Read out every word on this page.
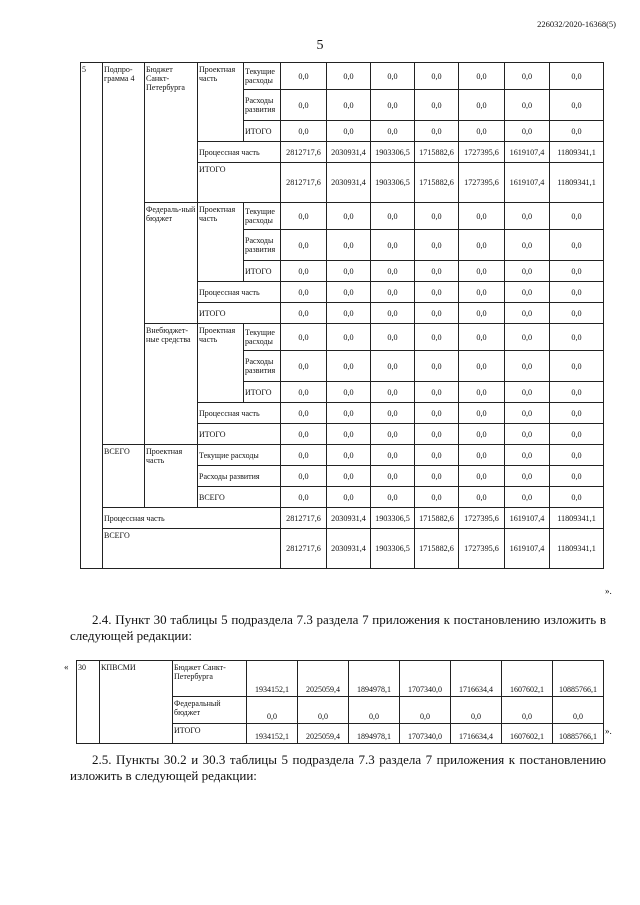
226032/2020-16368(5)
5
5	Подпро-грамма 4	Бюджет Санкт-Петербурга	Проектная часть	Текущие расходы	0,0	0,0	0,0	0,0	0,0	0,0	0,0
				Расходы развития	0,0	0,0	0,0	0,0	0,0	0,0	0,0
				ИТОГО	0,0	0,0	0,0	0,0	0,0	0,0	0,0
			Процессная часть		2812717,6	2030931,4	1903306,5	1715882,6	1727395,6	1619107,4	11809341,1
			ИТОГО		2812717,6	2030931,4	1903306,5	1715882,6	1727395,6	1619107,4	11809341,1
		Федераль-ный бюджет	Проектная часть	Текущие расходы	0,0	0,0	0,0	0,0	0,0	0,0	0,0
				Расходы развития	0,0	0,0	0,0	0,0	0,0	0,0	0,0
				ИТОГО	0,0	0,0	0,0	0,0	0,0	0,0	0,0
			Процессная часть		0,0	0,0	0,0	0,0	0,0	0,0	0,0
			ИТОГО		0,0	0,0	0,0	0,0	0,0	0,0	0,0
		Внебюджет-ные средства	Проектная часть	Текущие расходы	0,0	0,0	0,0	0,0	0,0	0,0	0,0
				Расходы развития	0,0	0,0	0,0	0,0	0,0	0,0	0,0
				ИТОГО	0,0	0,0	0,0	0,0	0,0	0,0	0,0
			Процессная часть		0,0	0,0	0,0	0,0	0,0	0,0	0,0
			ИТОГО		0,0	0,0	0,0	0,0	0,0	0,0	0,0
	ВСЕГО	Проектная часть	Текущие расходы		0,0	0,0	0,0	0,0	0,0	0,0	0,0
			Расходы развития		0,0	0,0	0,0	0,0	0,0	0,0	0,0
			ВСЕГО		0,0	0,0	0,0	0,0	0,0	0,0	0,0
	Процессная часть				2812717,6	2030931,4	1903306,5	1715882,6	1727395,6	1619107,4	11809341,1
	ВСЕГО				2812717,6	2030931,4	1903306,5	1715882,6	1727395,6	1619107,4	11809341,1
».

2.4. Пункт 30 таблицы 5 подраздела 7.3 раздела 7 приложения к постановлению изложить в следующей редакции:

« 30	КПВСМИ	Бюджет Санкт-Петербурга	1934152,1	2025059,4	1894978,1	1707340,0	1716634,4	1607602,1	10885766,1
		Федеральный бюджет	0,0	0,0	0,0	0,0	0,0	0,0	0,0
		ИТОГО	1934152,1	2025059,4	1894978,1	1707340,0	1716634,4	1607602,1	10885766,1
».

2.5. Пункты 30.2 и 30.3 таблицы 5 подраздела 7.3 раздела 7 приложения к постановлению изложить в следующей редакции:
